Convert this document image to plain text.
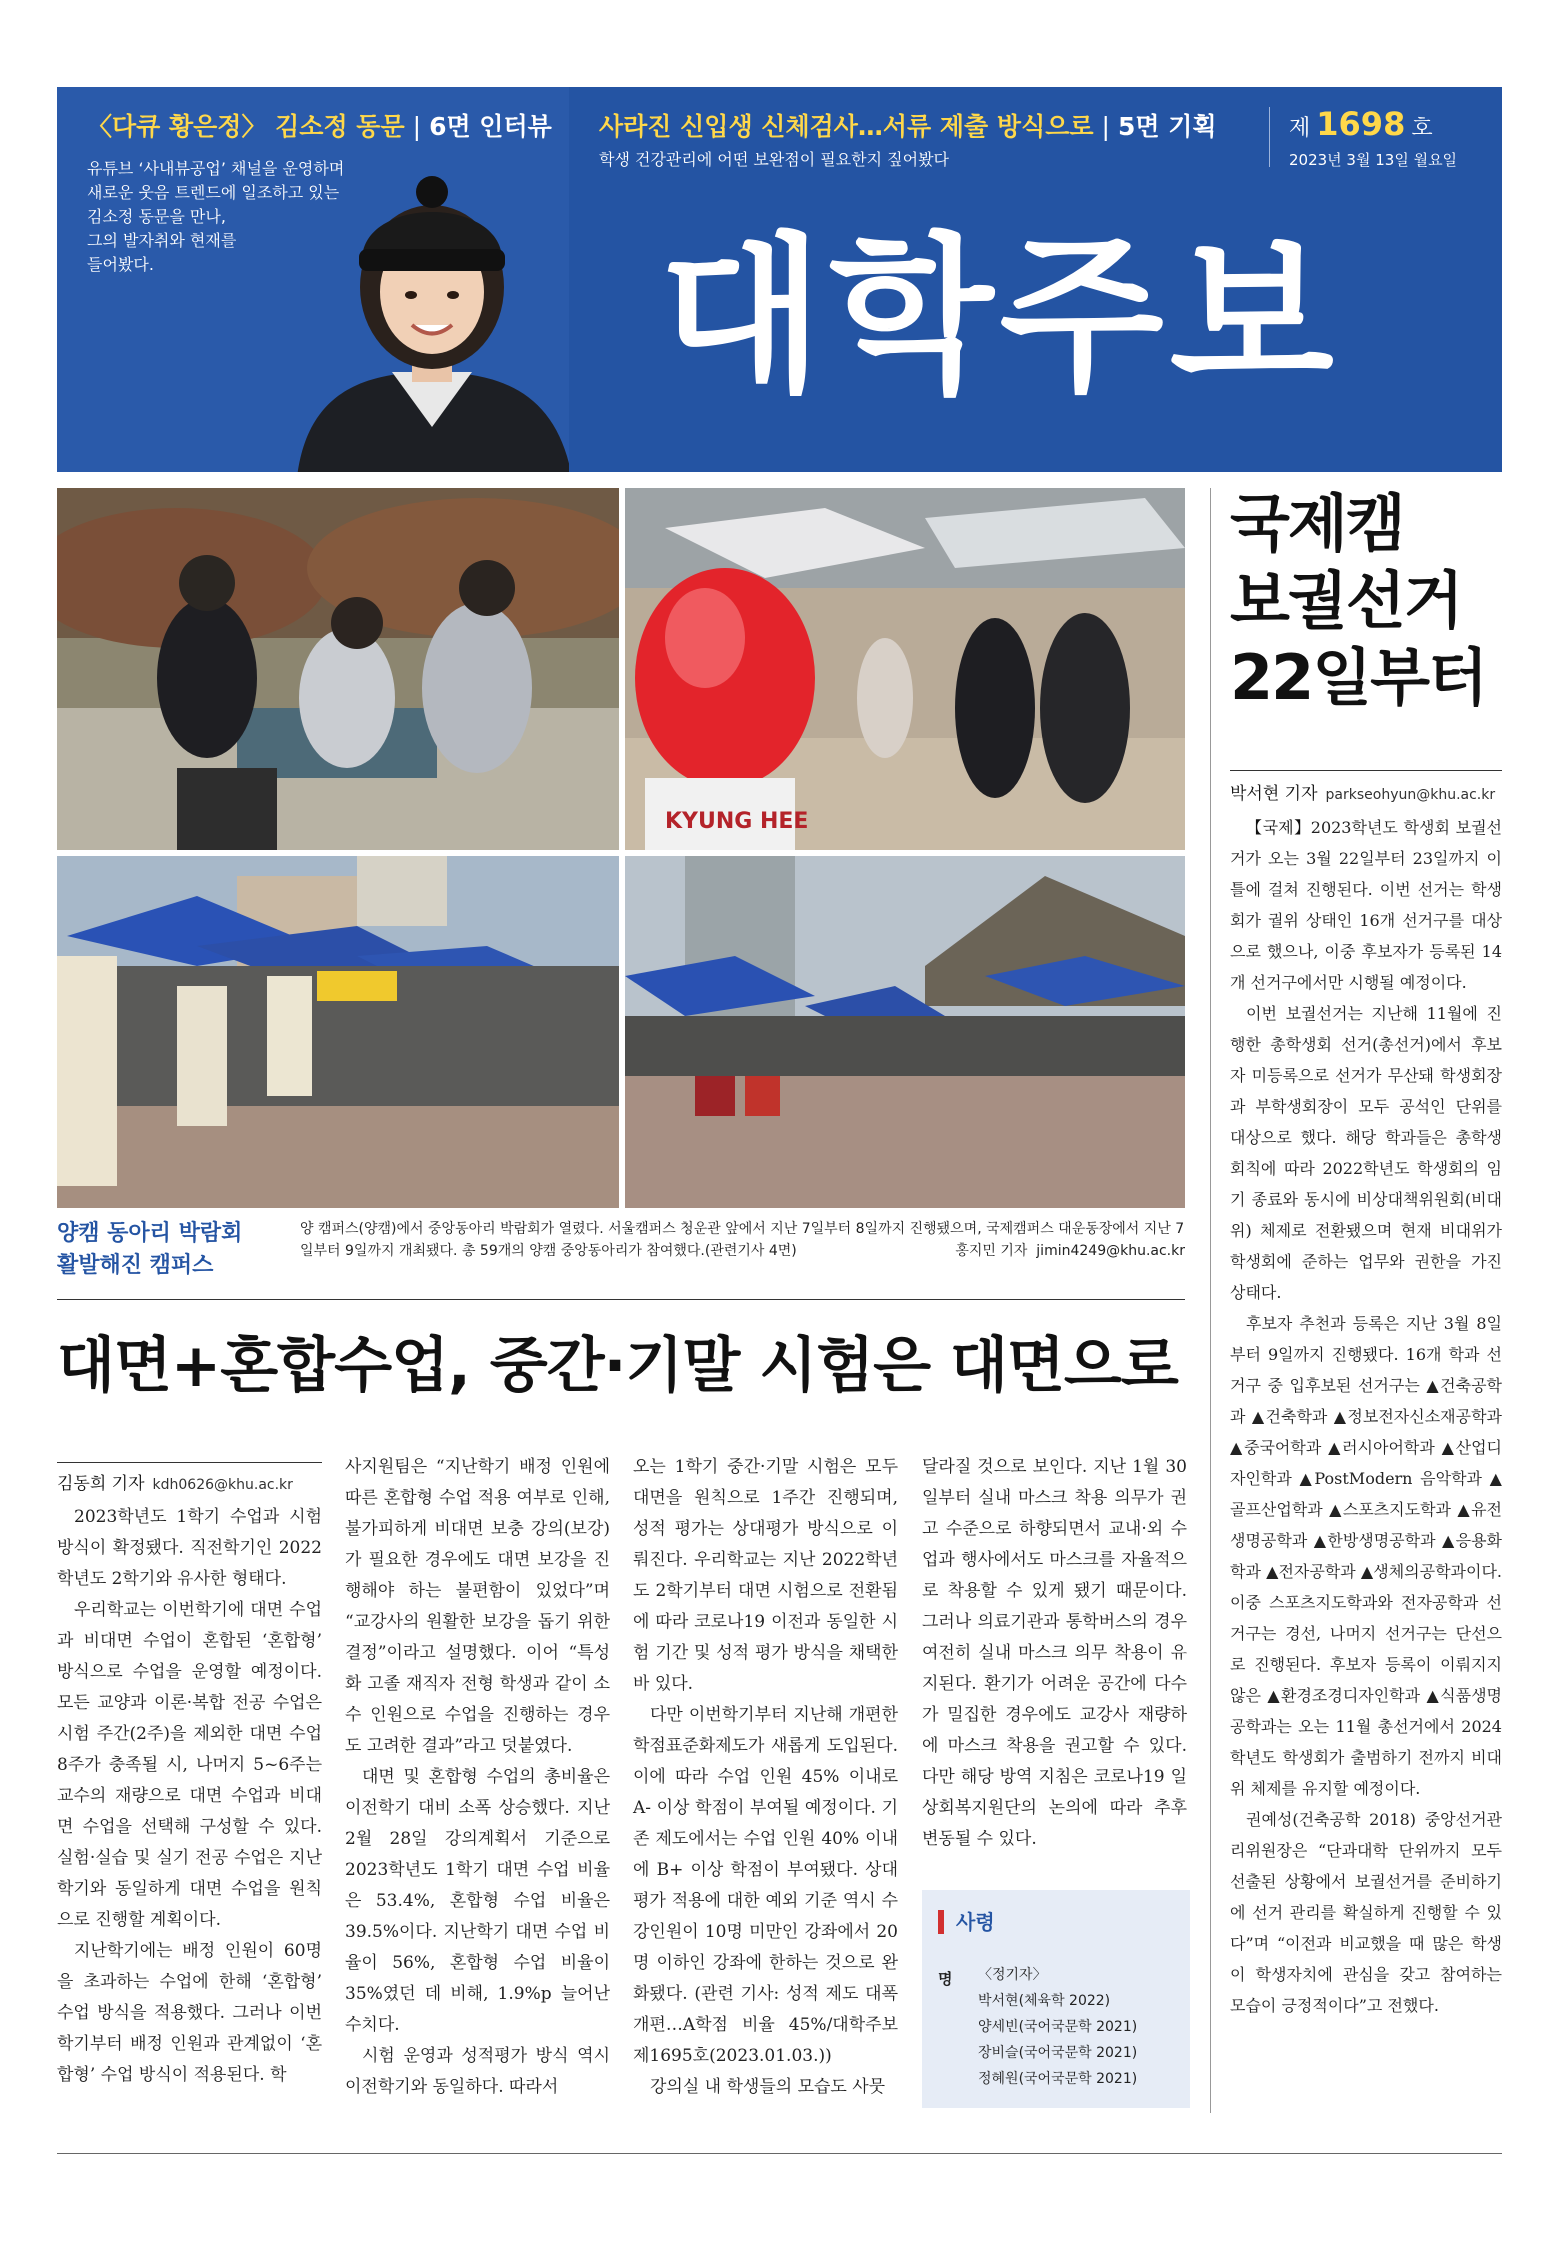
〈다큐 황은정〉 김소정 동문 | 6면 인터뷰
유튜브 ‘사내뷰공업’ 채널을 운영하며
새로운 웃음 트렌드에 일조하고 있는
김소정 동문을 만나,
그의 발자취와 현재를
들어봤다.
사라진 신입생 신체검사…서류 제출 방식으로 | 5면 기획
학생 건강관리에 어떤 보완점이 필요한지 짚어봤다
제 1698 호
2023년 3월 13일 월요일
대학주보
KYUNG HEE
양캠 동아리 박람회
활발해진 캠퍼스
양 캠퍼스(양캠)에서 중앙동아리 박람회가 열렸다. 서울캠퍼스 청운관 앞에서 지난 7일부터 8일까지 진행됐으며, 국제캠퍼스 대운동장에서 지난 7일부터 9일까지 개최됐다. 총 59개의 양캠 중앙동아리가 참여했다.(관련기사 4면)	홍지민 기자 jimin4249@khu.ac.kr
대면+혼합수업, 중간·기말 시험은 대면으로
김동희 기자 kdh0626@khu.ac.kr

2023학년도 1학기 수업과 시험 방식이 확정됐다. 직전학기인 2022학년도 2학기와 유사한 형태다.

우리학교는 이번학기에 대면 수업과 비대면 수업이 혼합된 ‘혼합형’ 방식으로 수업을 운영할 예정이다. 모든 교양과 이론·복합 전공 수업은 시험 주간(2주)을 제외한 대면 수업 8주가 충족될 시, 나머지 5~6주는 교수의 재량으로 대면 수업과 비대면 수업을 선택해 구성할 수 있다. 실험·실습 및 실기 전공 수업은 지난학기와 동일하게 대면 수업을 원칙으로 진행할 계획이다.

지난학기에는 배정 인원이 60명을 초과하는 수업에 한해 ‘혼합형’ 수업 방식을 적용했다. 그러나 이번학기부터 배정 인원과 관계없이 ‘혼합형’ 수업 방식이 적용된다. 학

사지원팀은 “지난학기 배정 인원에 따른 혼합형 수업 적용 여부로 인해, 불가피하게 비대면 보충 강의(보강)가 필요한 경우에도 대면 보강을 진행해야 하는 불편함이 있었다”며 “교강사의 원활한 보강을 돕기 위한 결정”이라고 설명했다. 이어 “특성화 고졸 재직자 전형 학생과 같이 소수 인원으로 수업을 진행하는 경우도 고려한 결과”라고 덧붙였다.

대면 및 혼합형 수업의 총비율은 이전학기 대비 소폭 상승했다. 지난 2월 28일 강의계획서 기준으로 2023학년도 1학기 대면 수업 비율은 53.4%, 혼합형 수업 비율은 39.5%이다. 지난학기 대면 수업 비율이 56%, 혼합형 수업 비율이 35%였던 데 비해, 1.9%p 늘어난 수치다.

시험 운영과 성적평가 방식 역시 이전학기와 동일하다. 따라서

오는 1학기 중간·기말 시험은 모두 대면을 원칙으로 1주간 진행되며, 성적 평가는 상대평가 방식으로 이뤄진다. 우리학교는 지난 2022학년도 2학기부터 대면 시험으로 전환됨에 따라 코로나19 이전과 동일한 시험 기간 및 성적 평가 방식을 채택한 바 있다.

다만 이번학기부터 지난해 개편한 학점표준화제도가 새롭게 도입된다. 이에 따라 수업 인원 45% 이내로 A- 이상 학점이 부여될 예정이다. 기존 제도에서는 수업 인원 40% 이내에 B+ 이상 학점이 부여됐다. 상대평가 적용에 대한 예외 기준 역시 수강인원이 10명 미만인 강좌에서 20명 이하인 강좌에 한하는 것으로 완화됐다. (관련 기사: 성적 제도 대폭 개편…A학점 비율 45%/대학주보 제1695호(2023.01.03.))

강의실 내 학생들의 모습도 사뭇

달라질 것으로 보인다. 지난 1월 30일부터 실내 마스크 착용 의무가 권고 수준으로 하향되면서 교내·외 수업과 행사에서도 마스크를 자율적으로 착용할 수 있게 됐기 때문이다. 그러나 의료기관과 통학버스의 경우 여전히 실내 마스크 의무 착용이 유지된다. 환기가 어려운 공간에 다수가 밀집한 경우에도 교강사 재량하에 마스크 착용을 권고할 수 있다. 다만 해당 방역 지침은 코로나19 일상회복지원단의 논의에 따라 추후 변동될 수 있다.

사령
명 〈정기자〉
박서현(체육학 2022)
양세빈(국어국문학 2021)
장비슬(국어국문학 2021)
정혜원(국어국문학 2021)
국제캠
보궐선거
22일부터
박서현 기자 parkseohyun@khu.ac.kr

【국제】2023학년도 학생회 보궐선거가 오는 3월 22일부터 23일까지 이틀에 걸쳐 진행된다. 이번 선거는 학생회가 궐위 상태인 16개 선거구를 대상으로 했으나, 이중 후보자가 등록된 14개 선거구에서만 시행될 예정이다.

이번 보궐선거는 지난해 11월에 진행한 총학생회 선거(총선거)에서 후보자 미등록으로 선거가 무산돼 학생회장과 부학생회장이 모두 공석인 단위를 대상으로 했다. 해당 학과들은 총학생회칙에 따라 2022학년도 학생회의 임기 종료와 동시에 비상대책위원회(비대위) 체제로 전환됐으며 현재 비대위가 학생회에 준하는 업무와 권한을 가진 상태다.

후보자 추천과 등록은 지난 3월 8일부터 9일까지 진행됐다. 16개 학과 선거구 중 입후보된 선거구는 ▲건축공학과 ▲건축학과 ▲정보전자신소재공학과 ▲중국어학과 ▲러시아어학과 ▲산업디자인학과 ▲PostModern 음악학과 ▲골프산업학과 ▲스포츠지도학과 ▲유전생명공학과 ▲한방생명공학과 ▲응용화학과 ▲전자공학과 ▲생체의공학과이다. 이중 스포츠지도학과와 전자공학과 선거구는 경선, 나머지 선거구는 단선으로 진행된다. 후보자 등록이 이뤄지지 않은 ▲환경조경디자인학과 ▲식품생명공학과는 오는 11월 총선거에서 2024학년도 학생회가 출범하기 전까지 비대위 체제를 유지할 예정이다.

권예성(건축공학 2018) 중앙선거관리위원장은 “단과대학 단위까지 모두 선출된 상황에서 보궐선거를 준비하기에 선거 관리를 확실하게 진행할 수 있다”며 “이전과 비교했을 때 많은 학생이 학생자치에 관심을 갖고 참여하는 모습이 긍정적이다”고 전했다.
